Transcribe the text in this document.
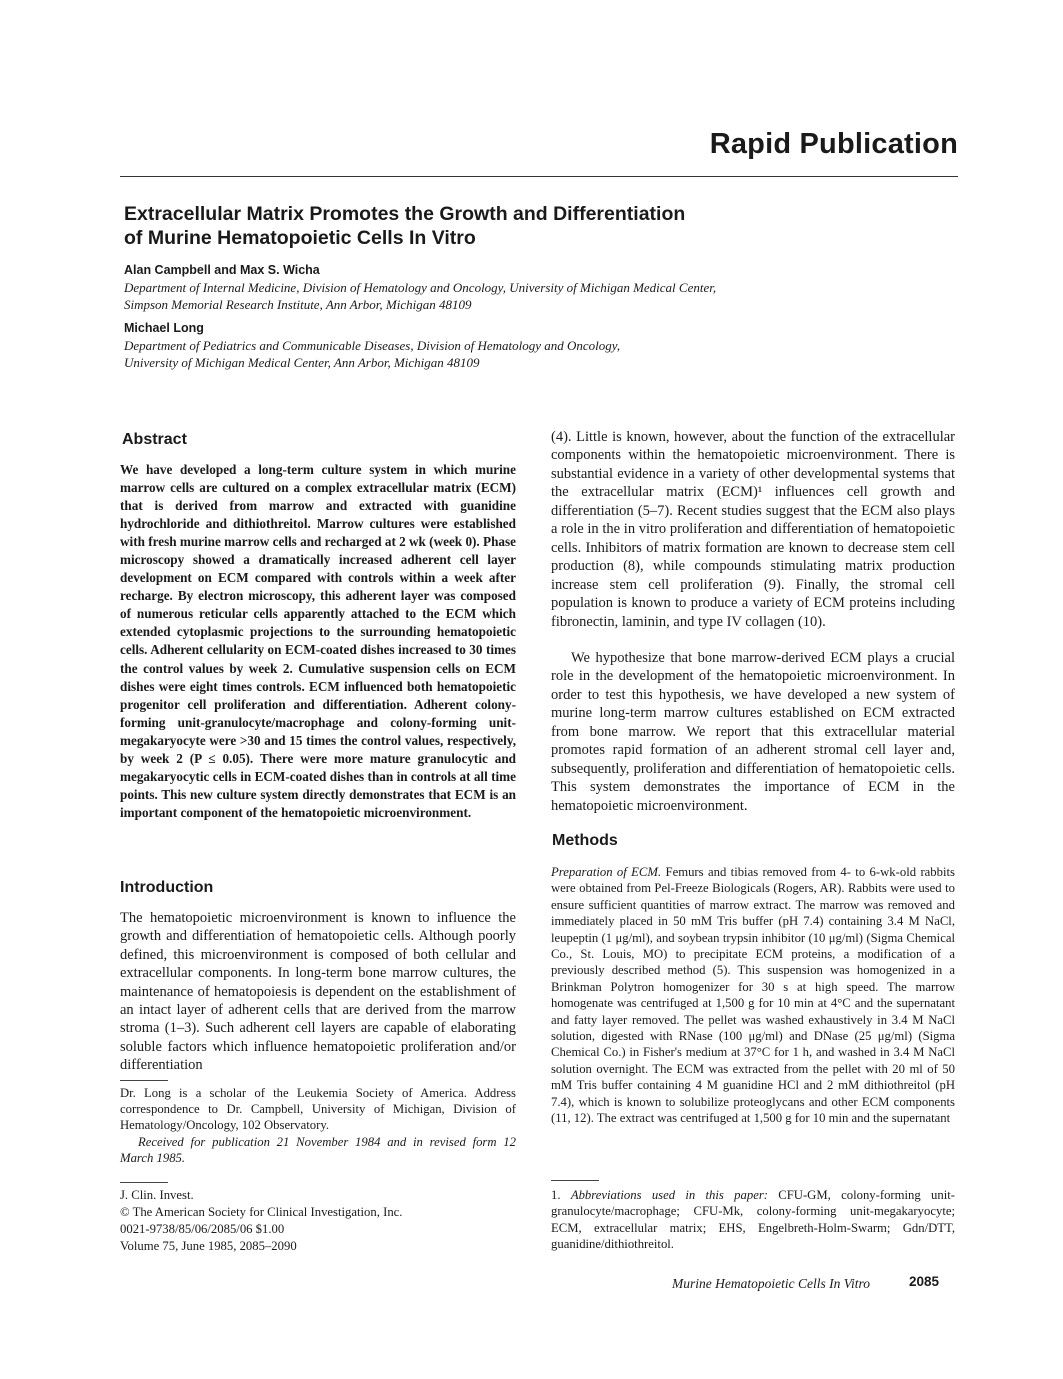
Rapid Publication
Extracellular Matrix Promotes the Growth and Differentiation
of Murine Hematopoietic Cells In Vitro
Alan Campbell and Max S. Wicha
Department of Internal Medicine, Division of Hematology and Oncology, University of Michigan Medical Center,
Simpson Memorial Research Institute, Ann Arbor, Michigan 48109
Michael Long
Department of Pediatrics and Communicable Diseases, Division of Hematology and Oncology,
University of Michigan Medical Center, Ann Arbor, Michigan 48109
Abstract
We have developed a long-term culture system in which murine marrow cells are cultured on a complex extracellular matrix (ECM) that is derived from marrow and extracted with guanidine hydrochloride and dithiothreitol. Marrow cultures were established with fresh murine marrow cells and recharged at 2 wk (week 0). Phase microscopy showed a dramatically increased adherent cell layer development on ECM compared with controls within a week after recharge. By electron microscopy, this adherent layer was composed of numerous reticular cells apparently attached to the ECM which extended cytoplasmic projections to the surrounding hematopoietic cells. Adherent cellularity on ECM-coated dishes increased to 30 times the control values by week 2. Cumulative suspension cells on ECM dishes were eight times controls. ECM influenced both hematopoietic progenitor cell proliferation and differentiation. Adherent colony-forming unit-granulocyte/macrophage and colony-forming unit-megakaryocyte were >30 and 15 times the control values, respectively, by week 2 (P ≤ 0.05). There were more mature granulocytic and megakaryocytic cells in ECM-coated dishes than in controls at all time points. This new culture system directly demonstrates that ECM is an important component of the hematopoietic microenvironment.
Introduction
The hematopoietic microenvironment is known to influence the growth and differentiation of hematopoietic cells. Although poorly defined, this microenvironment is composed of both cellular and extracellular components. In long-term bone marrow cultures, the maintenance of hematopoiesis is dependent on the establishment of an intact layer of adherent cells that are derived from the marrow stroma (1–3). Such adherent cell layers are capable of elaborating soluble factors which influence hematopoietic proliferation and/or differentiation
Dr. Long is a scholar of the Leukemia Society of America. Address correspondence to Dr. Campbell, University of Michigan, Division of Hematology/Oncology, 102 Observatory.
Received for publication 21 November 1984 and in revised form 12 March 1985.
J. Clin. Invest.
© The American Society for Clinical Investigation, Inc.
0021-9738/85/06/2085/06 $1.00
Volume 75, June 1985, 2085–2090
(4). Little is known, however, about the function of the extracellular components within the hematopoietic microenvironment. There is substantial evidence in a variety of other developmental systems that the extracellular matrix (ECM)¹ influences cell growth and differentiation (5–7). Recent studies suggest that the ECM also plays a role in the in vitro proliferation and differentiation of hematopoietic cells. Inhibitors of matrix formation are known to decrease stem cell production (8), while compounds stimulating matrix production increase stem cell proliferation (9). Finally, the stromal cell population is known to produce a variety of ECM proteins including fibronectin, laminin, and type IV collagen (10).
We hypothesize that bone marrow-derived ECM plays a crucial role in the development of the hematopoietic microenvironment. In order to test this hypothesis, we have developed a new system of murine long-term marrow cultures established on ECM extracted from bone marrow. We report that this extracellular material promotes rapid formation of an adherent stromal cell layer and, subsequently, proliferation and differentiation of hematopoietic cells. This system demonstrates the importance of ECM in the hematopoietic microenvironment.
Methods
Preparation of ECM. Femurs and tibias removed from 4- to 6-wk-old rabbits were obtained from Pel-Freeze Biologicals (Rogers, AR). Rabbits were used to ensure sufficient quantities of marrow extract. The marrow was removed and immediately placed in 50 mM Tris buffer (pH 7.4) containing 3.4 M NaCl, leupeptin (1 μg/ml), and soybean trypsin inhibitor (10 μg/ml) (Sigma Chemical Co., St. Louis, MO) to precipitate ECM proteins, a modification of a previously described method (5). This suspension was homogenized in a Brinkman Polytron homogenizer for 30 s at high speed. The marrow homogenate was centrifuged at 1,500 g for 10 min at 4°C and the supernatant and fatty layer removed. The pellet was washed exhaustively in 3.4 M NaCl solution, digested with RNase (100 μg/ml) and DNase (25 μg/ml) (Sigma Chemical Co.) in Fisher's medium at 37°C for 1 h, and washed in 3.4 M NaCl solution overnight. The ECM was extracted from the pellet with 20 ml of 50 mM Tris buffer containing 4 M guanidine HCl and 2 mM dithiothreitol (pH 7.4), which is known to solubilize proteoglycans and other ECM components (11, 12). The extract was centrifuged at 1,500 g for 10 min and the supernatant
1. Abbreviations used in this paper: CFU-GM, colony-forming unit-granulocyte/macrophage; CFU-Mk, colony-forming unit-megakaryocyte; ECM, extracellular matrix; EHS, Engelbreth-Holm-Swarm; Gdn/DTT, guanidine/dithiothreitol.
Murine Hematopoietic Cells In Vitro	2085
